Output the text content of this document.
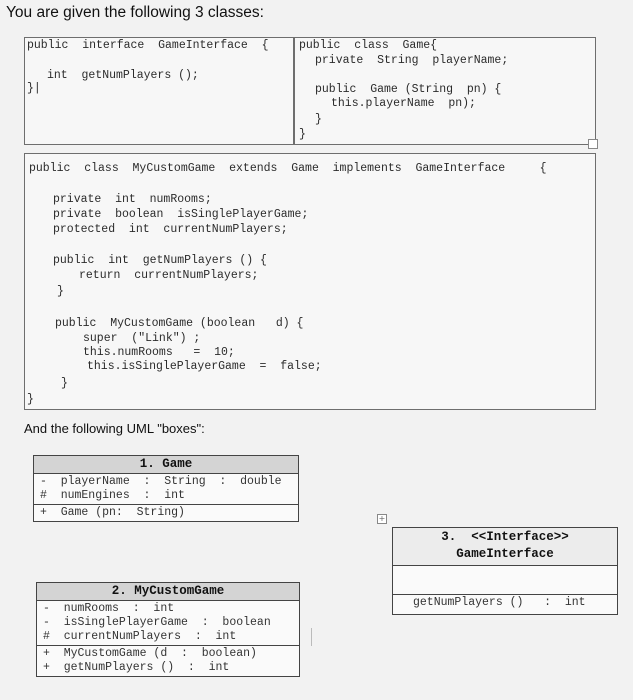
You are given the following 3 classes:
public  interface  GameInterface  {
int  getNumPlayers ();
}|
public  class  Game{
private  String  playerName;
public  Game (String  pn) {
this.playerName  pn);
}
}
public  class  MyCustomGame  extends  Game  implements  GameInterface     {
private  int  numRooms;
private  boolean  isSinglePlayerGame;
protected  int  currentNumPlayers;
public  int  getNumPlayers () {
return  currentNumPlayers;
}
public  MyCustomGame (boolean   d) {
super  ("Link") ;
this.numRooms   =  10;
this.isSinglePlayerGame  =  false;
}
}
And the following UML "boxes":
1. Game
-  playerName  :  String  :  double
#  numEngines  :  int
+  Game (pn:  String)
2. MyCustomGame
-  numRooms  :  int
-  isSinglePlayerGame  :  boolean
#  currentNumPlayers  :  int
+  MyCustomGame (d  :  boolean)
+  getNumPlayers ()  :  int
+
3.  <<Interface>>
GameInterface
getNumPlayers ()   :  int
